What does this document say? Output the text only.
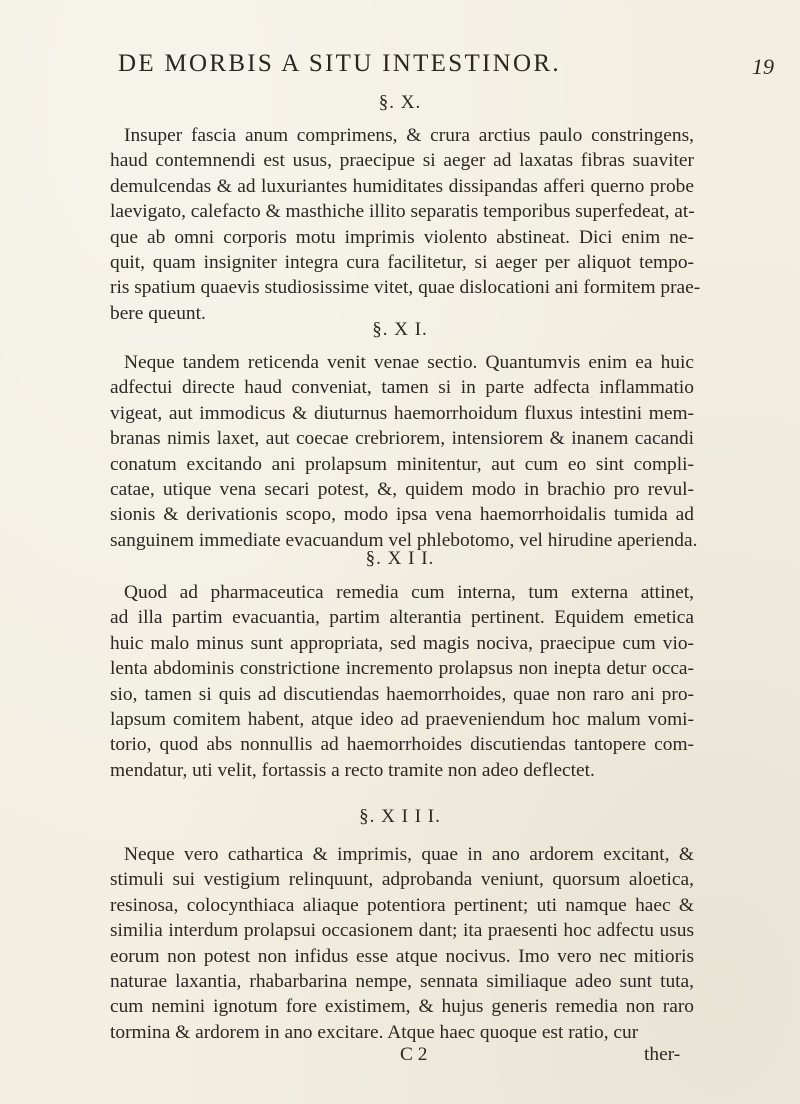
DE MORBIS A SITU INTESTINOR.	19
§. X.
Insuper fascia anum comprimens, & crura arctius paulo constringens,
haud contemnendi est usus, praecipue si aeger ad laxatas fibras suaviter
demulcendas & ad luxuriantes humiditates dissipandas afferi querno probe
laevigato, calefacto & masthiche illito separatis temporibus superfedeat, at-
que ab omni corporis motu imprimis violento abstineat. Dici enim ne-
quit, quam insigniter integra cura facilitetur, si aeger per aliquot tempo-
ris spatium quaevis studiosissime vitet, quae dislocationi ani formitem prae-
bere queunt.
§. X I.
Neque tandem reticenda venit venae sectio. Quantumvis enim ea huic
adfectui directe haud conveniat, tamen si in parte adfecta inflammatio
vigeat, aut immodicus & diuturnus haemorrhoidum fluxus intestini mem-
branas nimis laxet, aut coecae crebriorem, intensiorem & inanem cacandi
conatum excitando ani prolapsum minitentur, aut cum eo sint compli-
catae, utique vena secari potest, &, quidem modo in brachio pro revul-
sionis & derivationis scopo, modo ipsa vena haemorrhoidalis tumida ad
sanguinem immediate evacuandum vel phlebotomo, vel hirudine aperienda.
§. X I I.
Quod ad pharmaceutica remedia cum interna, tum externa attinet,
ad illa partim evacuantia, partim alterantia pertinent. Equidem emetica
huic malo minus sunt appropriata, sed magis nociva, praecipue cum vio-
lenta abdominis constrictione incremento prolapsus non inepta detur occa-
sio, tamen si quis ad discutiendas haemorrhoides, quae non raro ani pro-
lapsum comitem habent, atque ideo ad praeveniendum hoc malum vomi-
torio, quod abs nonnullis ad haemorrhoides discutiendas tantopere com-
mendatur, uti velit, fortassis a recto tramite non adeo deflectet.
§. X I I I.
Neque vero cathartica & imprimis, quae in ano ardorem excitant, &
stimuli sui vestigium relinquunt, adprobanda veniunt, quorsum aloetica,
resinosa, colocynthiaca aliaque potentiora pertinent; uti namque haec &
similia interdum prolapsui occasionem dant; ita praesenti hoc adfectu usus
eorum non potest non infidus esse atque nocivus. Imo vero nec mitioris
naturae laxantia, rhabarbarina nempe, sennata similiaque adeo sunt tuta,
cum nemini ignotum fore existimem, & hujus generis remedia non raro
tormina & ardorem in ano excitare. Atque haec quoque est ratio, cur
C 2	ther-
